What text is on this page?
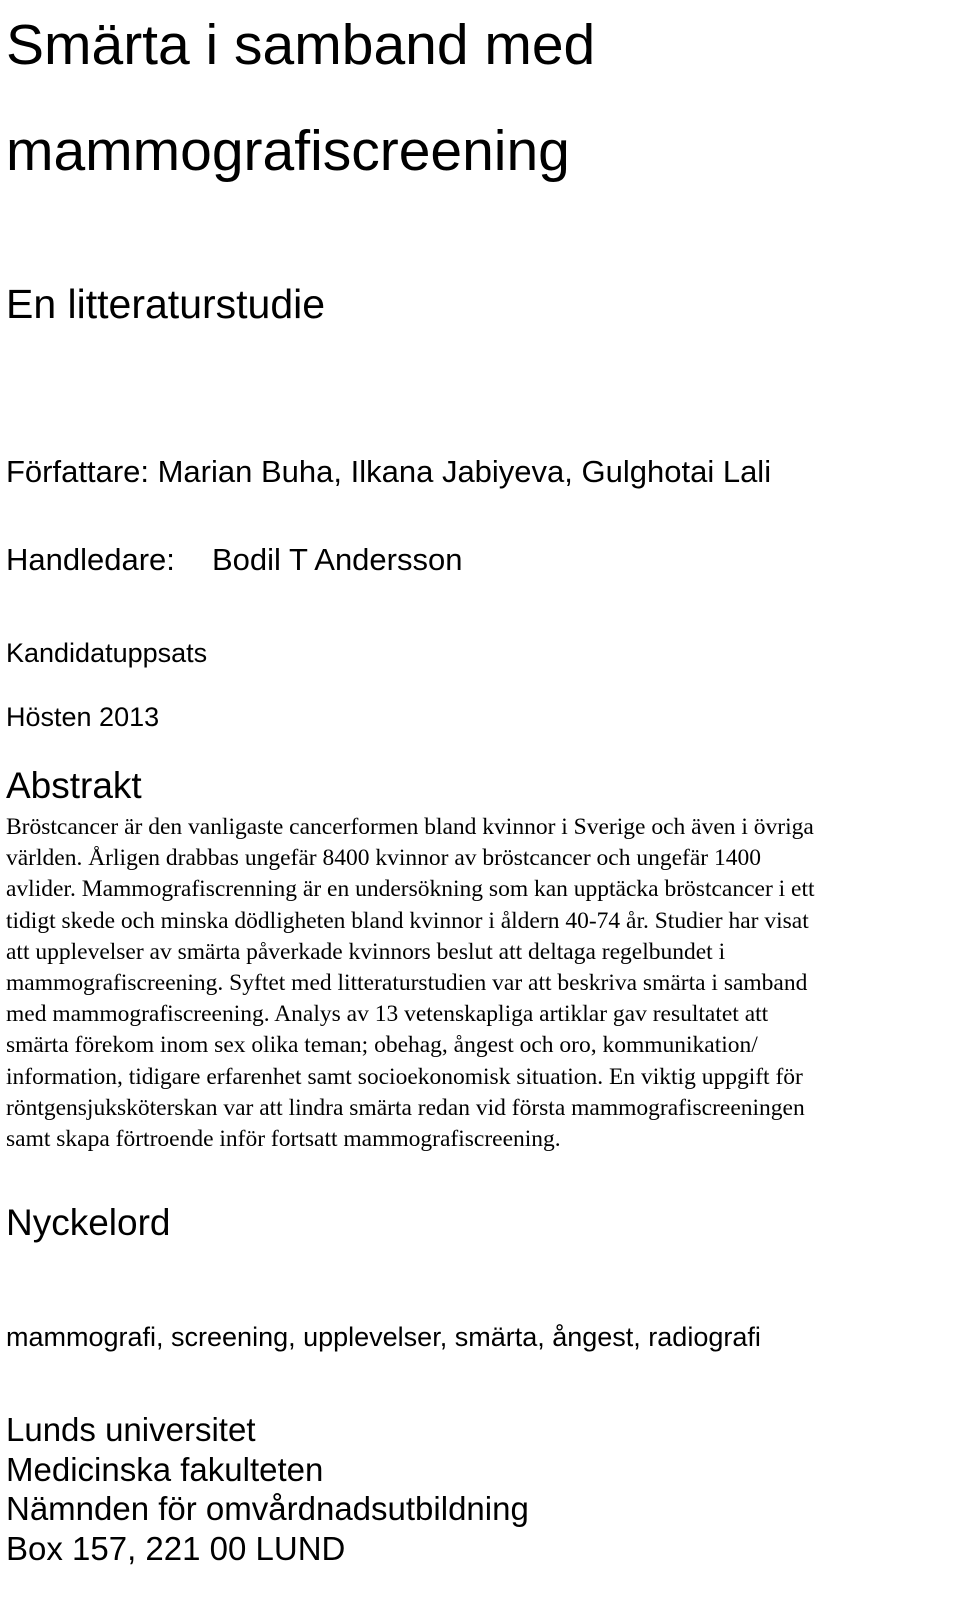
Smärta i samband med
mammografiscreening
En litteraturstudie

Författare: Marian Buha, Ilkana Jabiyeva, Gulghotai Lali

Handledare: Bodil T Andersson

Kandidatuppsats

Hösten 2013

Abstrakt
Bröstcancer är den vanligaste cancerformen bland kvinnor i Sverige och även i övriga
världen. Årligen drabbas ungefär 8400 kvinnor av bröstcancer och ungefär 1400
avlider. Mammografiscrenning är en undersökning som kan upptäcka bröstcancer i ett
tidigt skede och minska dödligheten bland kvinnor i åldern 40-74 år. Studier har visat
att upplevelser av smärta påverkade kvinnors beslut att deltaga regelbundet i
mammografiscreening. Syftet med litteraturstudien var att beskriva smärta i samband
med mammografiscreening. Analys av 13 vetenskapliga artiklar gav resultatet att
smärta förekom inom sex olika teman; obehag, ångest och oro, kommunikation/
information, tidigare erfarenhet samt socioekonomisk situation. En viktig uppgift för
röntgensjuksköterskan var att lindra smärta redan vid första mammografiscreeningen
samt skapa förtroende inför fortsatt mammografiscreening.
Nyckelord

mammografi, screening, upplevelser, smärta, ångest, radiografi

Lunds universitet
Medicinska fakulteten
Nämnden för omvårdnadsutbildning
Box 157, 221 00 LUND
